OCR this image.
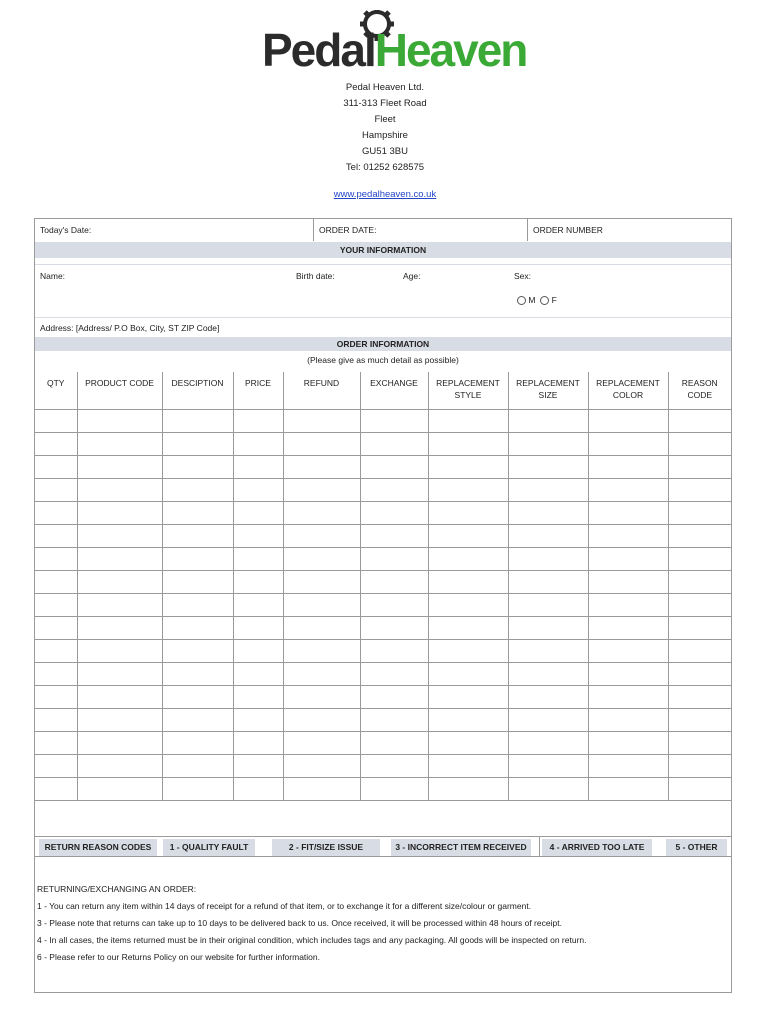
PedalHeaven
Pedal Heaven Ltd.
311-313 Fleet Road
Fleet
Hampshire
GU51 3BU
Tel: 01252 628575
www.pedalheaven.co.uk
Today's Date:	ORDER DATE:	ORDER NUMBER
YOUR INFORMATION
Name:	Birth date:	Age:	Sex:
M F
Address: [Address/ P.O Box, City, ST ZIP Code]
ORDER INFORMATION
(Please give as much detail as possible)
QTY	PRODUCT CODE	DESCIPTION	PRICE	REFUND	EXCHANGE	REPLACEMENT STYLE	REPLACEMENT SIZE	REPLACEMENT COLOR	REASON CODE

RETURN REASON CODES	1 - QUALITY FAULT	2 - FIT/SIZE ISSUE	3 - INCORRECT ITEM RECEIVED	4 - ARRIVED TOO LATE	5 - OTHER
RETURNING/EXCHANGING AN ORDER:
1 - You can return any item within 14 days of receipt for a refund of that item, or to exchange it for a different size/colour or garment.
3 - Please note that returns can take up to 10 days to be delivered back to us. Once received, it will be processed within 48 hours of receipt.
4 - In all cases, the items returned must be in their original condition, which includes tags and any packaging. All goods will be inspected on return.
6 - Please refer to our Returns Policy on our website for further information.
